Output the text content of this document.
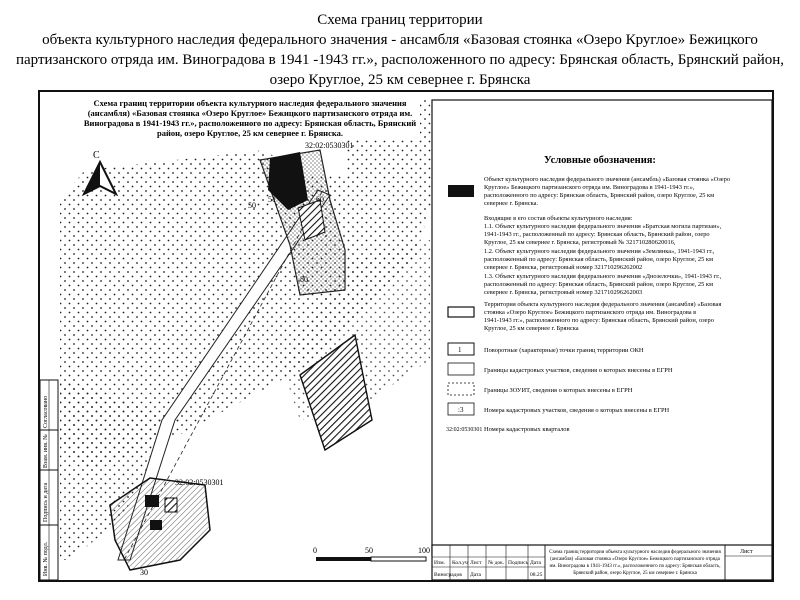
Схема границ территории
объекта культурного наследия федерального значения - ансамбля «Базовая стоянка «Озеро Круглое» Бежицкого
партизанского отряда им. Виноградова в 1941 -1943 гг.», расположенного по адресу: Брянская область, Брянский район,
озеро Круглое, 25 км севернее г. Брянска
32:02:0530301
32:02:0530301
51
50
80
60
30
Схема границ территории объекта культурного наследия федерального значения
(ансамбля) «Базовая стоянка «Озеро Круглое» Бежицкого партизанского отряда им.
Виноградова в 1941-1943 гг.», расположенного по адресу: Брянская область, Брянский
район, озеро Круглое, 25 км севернее г. Брянска.
С
0	50	100
Согласовано
Взам. инв. №
Подпись и дата
Инв. № подл.
Условные обозначения:
Объект культурного наследия федерального значения (ансамбль) «Базовая стоянка «Озеро
Круглое» Бежицкого партизанского отряда им. Виноградова в 1941-1943 гг.»,
расположенного по адресу: Брянская область, Брянский район, озеро Круглое, 25 км
севернее г. Брянска.
Входящие в его состав объекты культурного наследия:
1.1. Объект культурного наследия федерального значения «Братская могила партизан»,
1941-1943 гг., расположенный по адресу: Брянская область, Брянский район, озеро
Круглое, 25 км севернее г. Брянска, регистровый № 321710280620016,
1.2. Объект культурного наследия федерального значения «Землянка», 1941-1943 гг.,
расположенный по адресу: Брянская область, Брянский район, озеро Круглое, 25 км
севернее г. Брянска, регистровый номер 321710296262002
1.3. Объект культурного наследия федерального значения «Днозелочки», 1941-1943 гг.,
расположенный по адресу: Брянская область, Брянский район, озеро Круглое, 25 км
севернее г. Брянска, регистровый номер 321710296262003
Территория объекта культурного наследия федерального значения (ансамбля) «Базовая
стоянка «Озеро Круглое» Бежицкого партизанского отряда им. Виноградова в
1941-1943 гг.», расположенного по адресу: Брянская область, Брянский район, озеро
Круглое, 25 км севернее г. Брянска
1	Поворотные (характерные) точки границ территории ОКН
Границы кадастровых участков, сведения о которых внесены в ЕГРН
Границы ЗОУИТ, сведения о которых внесены в ЕГРН
:3	Номера кадастровых участков, сведения о которых внесены в ЕГРН
32:02:0530301 Номера кадастровых кварталов
Изм. Кол.уч Лист № док. Подпись Дата
Виноградов Дата	08.25
Схема границ территории объекта культурного наследия федерального значения
(ансамбля) «Базовая стоянка «Озеро Круглое» Бежицкого партизанского отряда
им. Виноградова в 1941-1943 гг.», расположенного по адресу: Брянская область,
Брянский район, озеро Круглое, 25 км севернее г. Брянска
Лист
